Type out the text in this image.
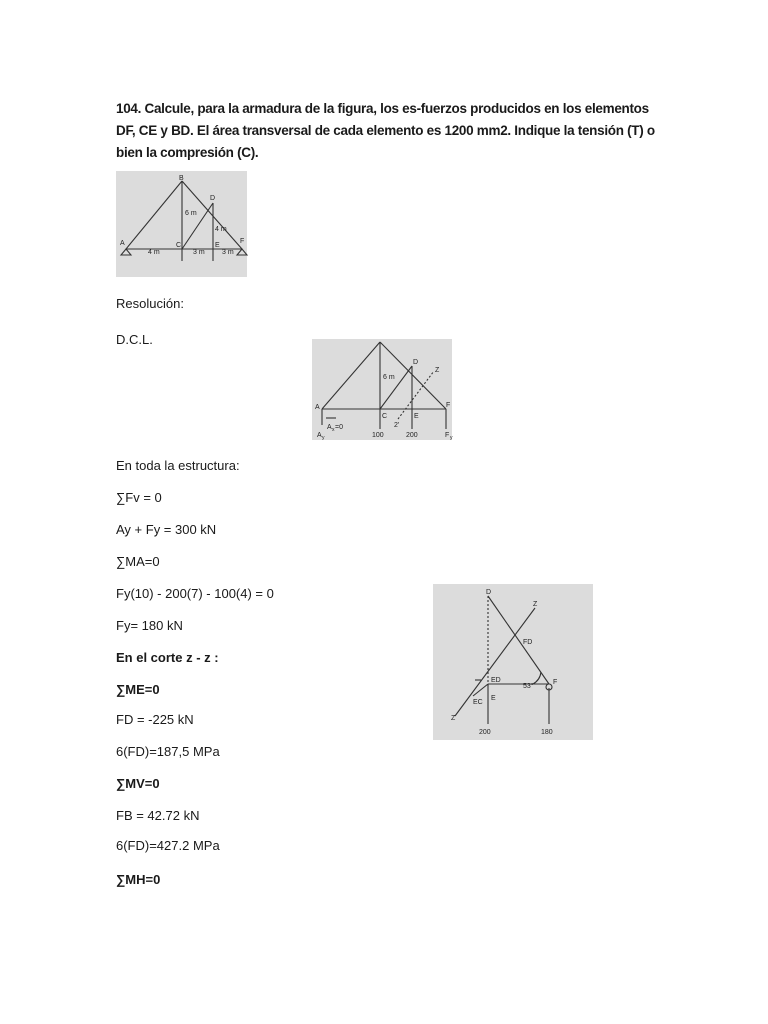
104. Calcule, para la armadura de la figura, los es-fuerzos producidos en los elementos DF, CE y BD. El área transversal de cada elemento es 1200 mm2. Indique la tensión (T) o bien la compresión (C).
A
B
C
D
E
F
4 m	3 m 3 m
6 m
4 m
Resolución:
D.C.L.
A
C
D
E
F
Z
6 m
2'
A x =0
A y	100	200	F y
D
Z
FD
ED
EC
E
F
Z
53°
200	180
En toda la estructura:
∑Fv = 0
Ay + Fy = 300 kN
∑MA=0
Fy(10) - 200(7) - 100(4) = 0
Fy= 180 kN
En el corte z - z :
∑ME=0
FD = -225 kN
6(FD)=187,5 MPa
∑MV=0
FB = 42.72 kN
6(FD)=427.2 MPa
∑MH=0
